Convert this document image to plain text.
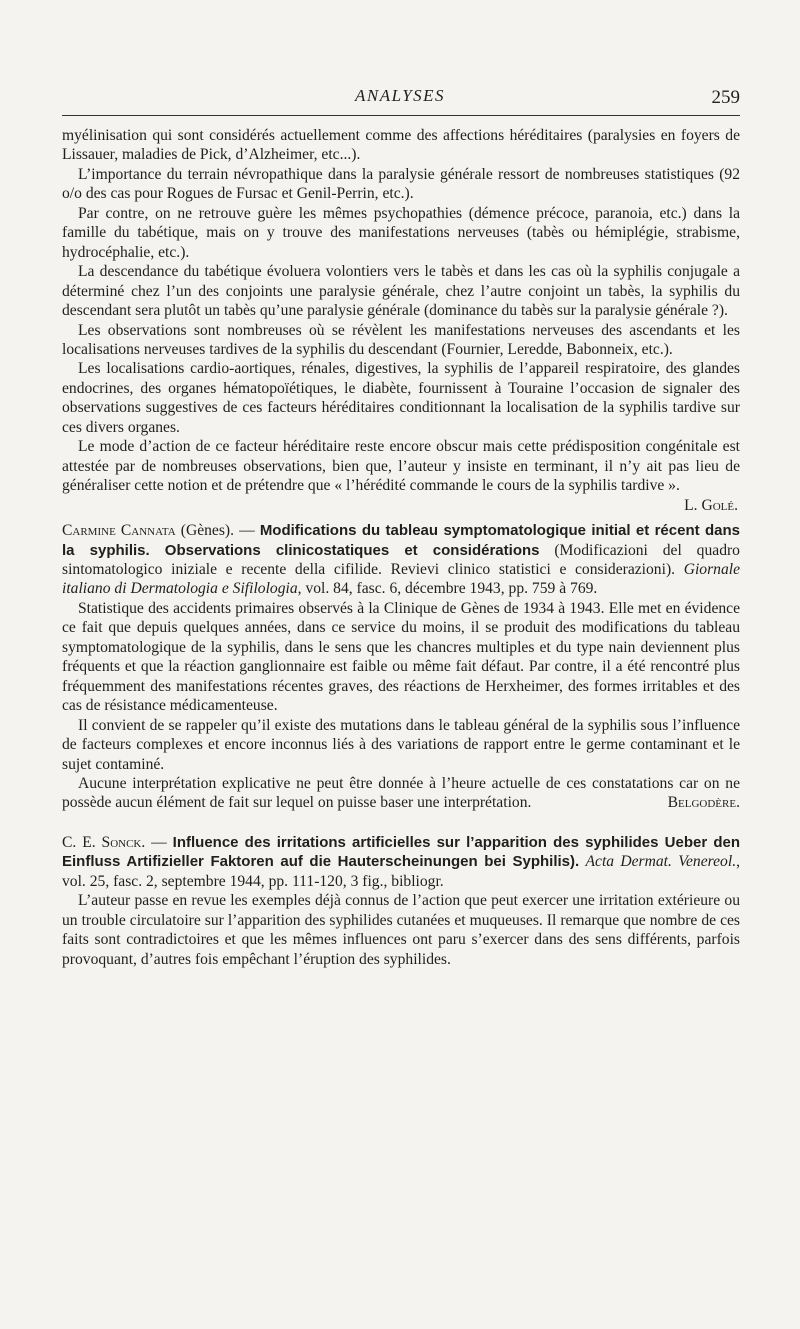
ANALYSES	259

myélinisation qui sont considérés actuellement comme des affections héréditaires (paralysies en foyers de Lissauer, maladies de Pick, d’Alzheimer, etc...).

L’importance du terrain névropathique dans la paralysie générale ressort de nombreuses statistiques (92 o/o des cas pour Rogues de Fursac et Genil-Perrin, etc.).

Par contre, on ne retrouve guère les mêmes psychopathies (démence précoce, paranoia, etc.) dans la famille du tabétique, mais on y trouve des manifestations nerveuses (tabès ou hémiplégie, strabisme, hydrocéphalie, etc.).

La descendance du tabétique évoluera volontiers vers le tabès et dans les cas où la syphilis conjugale a déterminé chez l’un des conjoints une paralysie générale, chez l’autre conjoint un tabès, la syphilis du descendant sera plutôt un tabès qu’une paralysie générale (dominance du tabès sur la paralysie générale ?).

Les observations sont nombreuses où se révèlent les manifestations nerveuses des ascendants et les localisations nerveuses tardives de la syphilis du descendant (Fournier, Leredde, Babonneix, etc.).

Les localisations cardio-aortiques, rénales, digestives, la syphilis de l’appareil respiratoire, des glandes endocrines, des organes hématopoïétiques, le diabète, fournissent à Touraine l’occasion de signaler des observations suggestives de ces facteurs héréditaires conditionnant la localisation de la syphilis tardive sur ces divers organes.

Le mode d’action de ce facteur héréditaire reste encore obscur mais cette prédisposition congénitale est attestée par de nombreuses observations, bien que, l’auteur y insiste en terminant, il n’y ait pas lieu de généraliser cette notion et de prétendre que « l’hérédité commande le cours de la syphilis tardive ».

L. Golé.

Carmine Cannata (Gènes). — Modifications du tableau symptomatologique initial et récent dans la syphilis. Observations clinicostatiques et considérations (Modificazioni del quadro sintomatologico iniziale e recente della cifilide. Revievi clinico statistici e considerazioni). Giornale italiano di Dermatologia e Sifilologia, vol. 84, fasc. 6, décembre 1943, pp. 759 à 769.

Statistique des accidents primaires observés à la Clinique de Gènes de 1934 à 1943. Elle met en évidence ce fait que depuis quelques années, dans ce service du moins, il se produit des modifications du tableau symptomatologique de la syphilis, dans le sens que les chancres multiples et du type nain deviennent plus fréquents et que la réaction ganglionnaire est faible ou même fait défaut. Par contre, il a été rencontré plus fréquemment des manifestations récentes graves, des réactions de Herxheimer, des formes irritables et des cas de résistance médicamenteuse.

Il convient de se rappeler qu’il existe des mutations dans le tableau général de la syphilis sous l’influence de facteurs complexes et encore inconnus liés à des variations de rapport entre le germe contaminant et le sujet contaminé.

Aucune interprétation explicative ne peut être donnée à l’heure actuelle de ces constatations car on ne possède aucun élément de fait sur lequel on puisse baser une interprétation.	Belgodère.

C. E. Sonck. — Influence des irritations artificielles sur l’apparition des syphilides Ueber den Einfluss Artifizieller Faktoren auf die Hauterscheinungen bei Syphilis). Acta Dermat. Venereol., vol. 25, fasc. 2, septembre 1944, pp. 111-120, 3 fig., bibliogr.

L’auteur passe en revue les exemples déjà connus de l’action que peut exercer une irritation extérieure ou un trouble circulatoire sur l’apparition des syphilides cutanées et muqueuses. Il remarque que nombre de ces faits sont contradictoires et que les mêmes influences ont paru s’exercer dans des sens différents, parfois provoquant, d’autres fois empêchant l’éruption des syphilides.
